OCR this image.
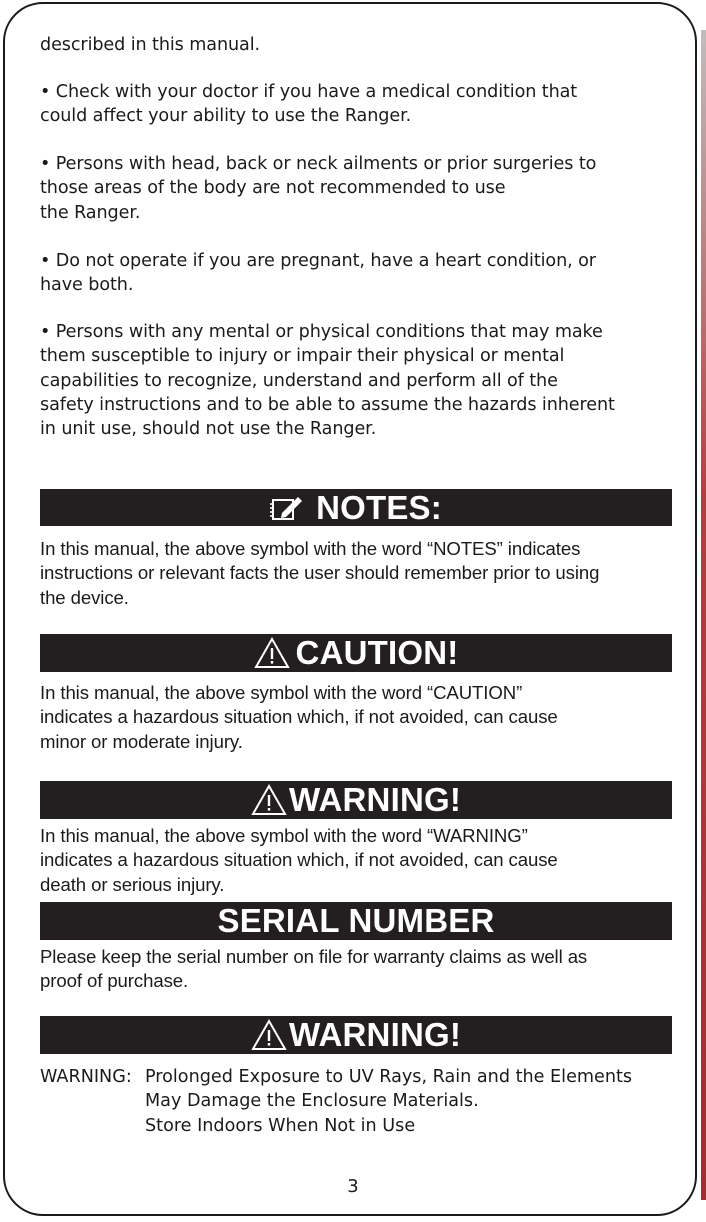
described in this manual.

• Check with your doctor if you have a medical condition that
could affect your ability to use the Ranger.

• Persons with head, back or neck ailments or prior surgeries to
those areas of the body are not recommended to use
the Ranger.

• Do not operate if you are pregnant, have a heart condition, or
have both.

• Persons with any mental or physical conditions that may make
them susceptible to injury or impair their physical or mental
capabilities to recognize, understand and perform all of the
safety instructions and to be able to assume the hazards inherent
in unit use, should not use the Ranger.

NOTES:

In this manual, the above symbol with the word “NOTES” indicates
instructions or relevant facts the user should remember prior to using
the device.

CAUTION!

In this manual, the above symbol with the word “CAUTION”
indicates a hazardous situation which, if not avoided, can cause
minor or moderate injury.

WARNING!

In this manual, the above symbol with the word “WARNING”
indicates a hazardous situation which, if not avoided, can cause
death or serious injury.

SERIAL NUMBER

Please keep the serial number on file for warranty claims as well as
proof of purchase.

WARNING!
WARNING: Prolonged Exposure to UV Rays, Rain and the Elements
May Damage the Enclosure Materials.
Store Indoors When Not in Use

3
